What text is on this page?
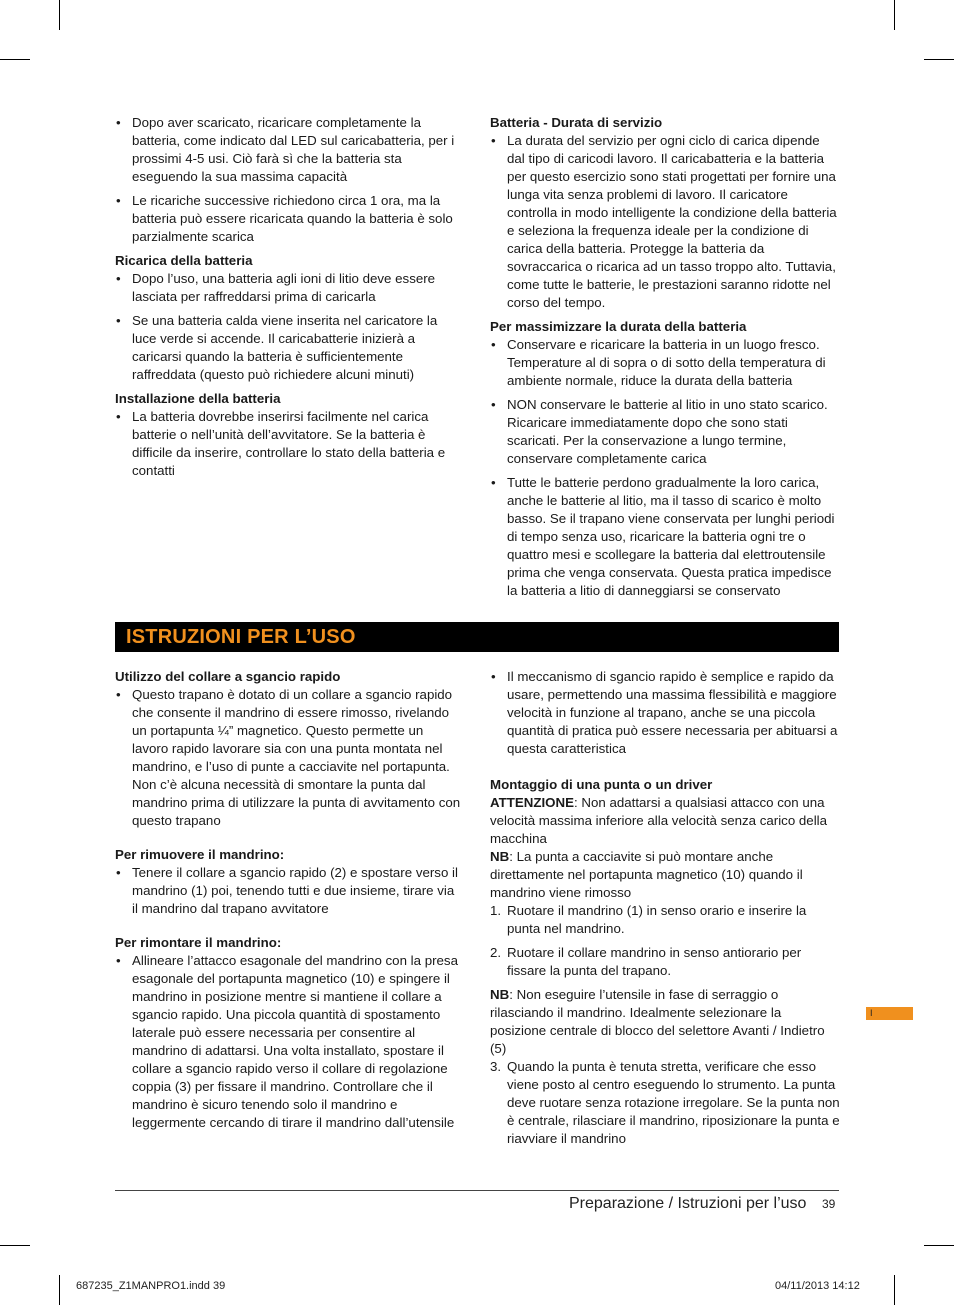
• Dopo aver scaricato, ricaricare completamente la batteria, come indicato dal LED sul caricabatteria, per i prossimi 4-5 usi. Ciò farà sì che la batteria sta eseguendo la sua massima capacità
• Le ricariche successive richiedono circa 1 ora, ma la batteria può essere ricaricata quando la batteria è solo parzialmente scarica

Ricarica della batteria

• Dopo l’uso, una batteria agli ioni di litio deve essere lasciata per raffreddarsi prima di caricarla
• Se una batteria calda viene inserita nel caricatore la luce verde si accende. Il caricabatterie inizierà a caricarsi quando la batteria è sufficientemente raffreddata (questo può richiedere alcuni minuti)

Installazione della batteria

• La batteria dovrebbe inserirsi facilmente nel carica batterie o nell’unità dell’avvitatore. Se la batteria è difficile da inserire, controllare lo stato della batteria e contatti

Batteria - Durata di servizio

• La durata del servizio per ogni ciclo di carica dipende dal tipo di caricodi lavoro. Il caricabatteria e la batteria per questo esercizio sono stati progettati per fornire una lunga vita senza problemi di lavoro. Il caricatore controlla in modo intelligente la condizione della batteria e seleziona la frequenza ideale per la condizione di carica della batteria. Protegge la batteria da sovraccarica o ricarica ad un tasso troppo alto. Tuttavia, come tutte le batterie, le prestazioni saranno ridotte nel corso del tempo.

Per massimizzare la durata della batteria

• Conservare e ricaricare la batteria in un luogo fresco. Temperature al di sopra o di sotto della temperatura di ambiente normale, riduce la durata della batteria
• NON conservare le batterie al litio in uno stato scarico. Ricaricare immediatamente dopo che sono stati scaricati. Per la conservazione a lungo termine, conservare completamente carica
• Tutte le batterie perdono gradualmente la loro carica, anche le batterie al litio, ma il tasso di scarico è molto basso. Se il trapano viene conservata per lunghi periodi di tempo senza uso, ricaricare la batteria ogni tre o quattro mesi e scollegare la batteria dal elettroutensile prima che venga conservata. Questa pratica impedisce la batteria a litio di danneggiarsi se conservato
ISTRUZIONI PER L’USO

Utilizzo del collare a sgancio rapido

• Questo trapano è dotato di un collare a sgancio rapido che consente il mandrino di essere rimosso, rivelando un portapunta ¼” magnetico. Questo permette un lavoro rapido lavorare sia con una punta montata nel mandrino, e l’uso di punte a cacciavite nel portapunta. Non c’è alcuna necessità di smontare la punta dal mandrino prima di utilizzare la punta di avvitamento con questo trapano

Per rimuovere il mandrino:

• Tenere il collare a sgancio rapido (2) e spostare verso il mandrino (1) poi, tenendo tutti e due insieme, tirare via il mandrino dal trapano avvitatore

Per rimontare il mandrino:

• Allineare l’attacco esagonale del mandrino con la presa esagonale del portapunta magnetico (10) e spingere il mandrino in posizione mentre si mantiene il collare a sgancio rapido. Una piccola quantità di spostamento laterale può essere necessaria per consentire al mandrino di adattarsi. Una volta installato, spostare il collare a sgancio rapido verso il collare di regolazione coppia (3) per fissare il mandrino. Controllare che il mandrino è sicuro tenendo solo il mandrino e leggermente cercando di tirare il mandrino dall’utensile
• Il meccanismo di sgancio rapido è semplice e rapido da usare, permettendo una massima flessibilità e maggiore velocità in funzione al trapano, anche se una piccola quantità di pratica può essere necessaria per abituarsi a questa caratteristica

Montaggio di una punta o un driver

ATTENZIONE: Non adattarsi a qualsiasi attacco con una velocità massima inferiore alla velocità senza carico della macchina

NB: La punta a cacciavite si può montare anche direttamente nel portapunta magnetico (10) quando il mandrino viene rimosso

1. Ruotare il mandrino (1) in senso orario e inserire la punta nel mandrino.
2. Ruotare il collare mandrino in senso antiorario per fissare la punta del trapano.

NB: Non eseguire l’utensile in fase di serraggio o rilasciando il mandrino. Idealmente selezionare la posizione centrale di blocco del selettore Avanti / Indietro (5)

3. Quando la punta è tenuta stretta, verificare che esso viene posto al centro eseguendo lo strumento. La punta deve ruotare senza rotazione irregolare. Se la punta non è centrale, rilasciare il mandrino, riposizionare la punta e riavviare il mandrino
I
Preparazione / Istruzioni per l’uso 39
687235_Z1MANPRO1.indd 39	04/11/2013 14:12
